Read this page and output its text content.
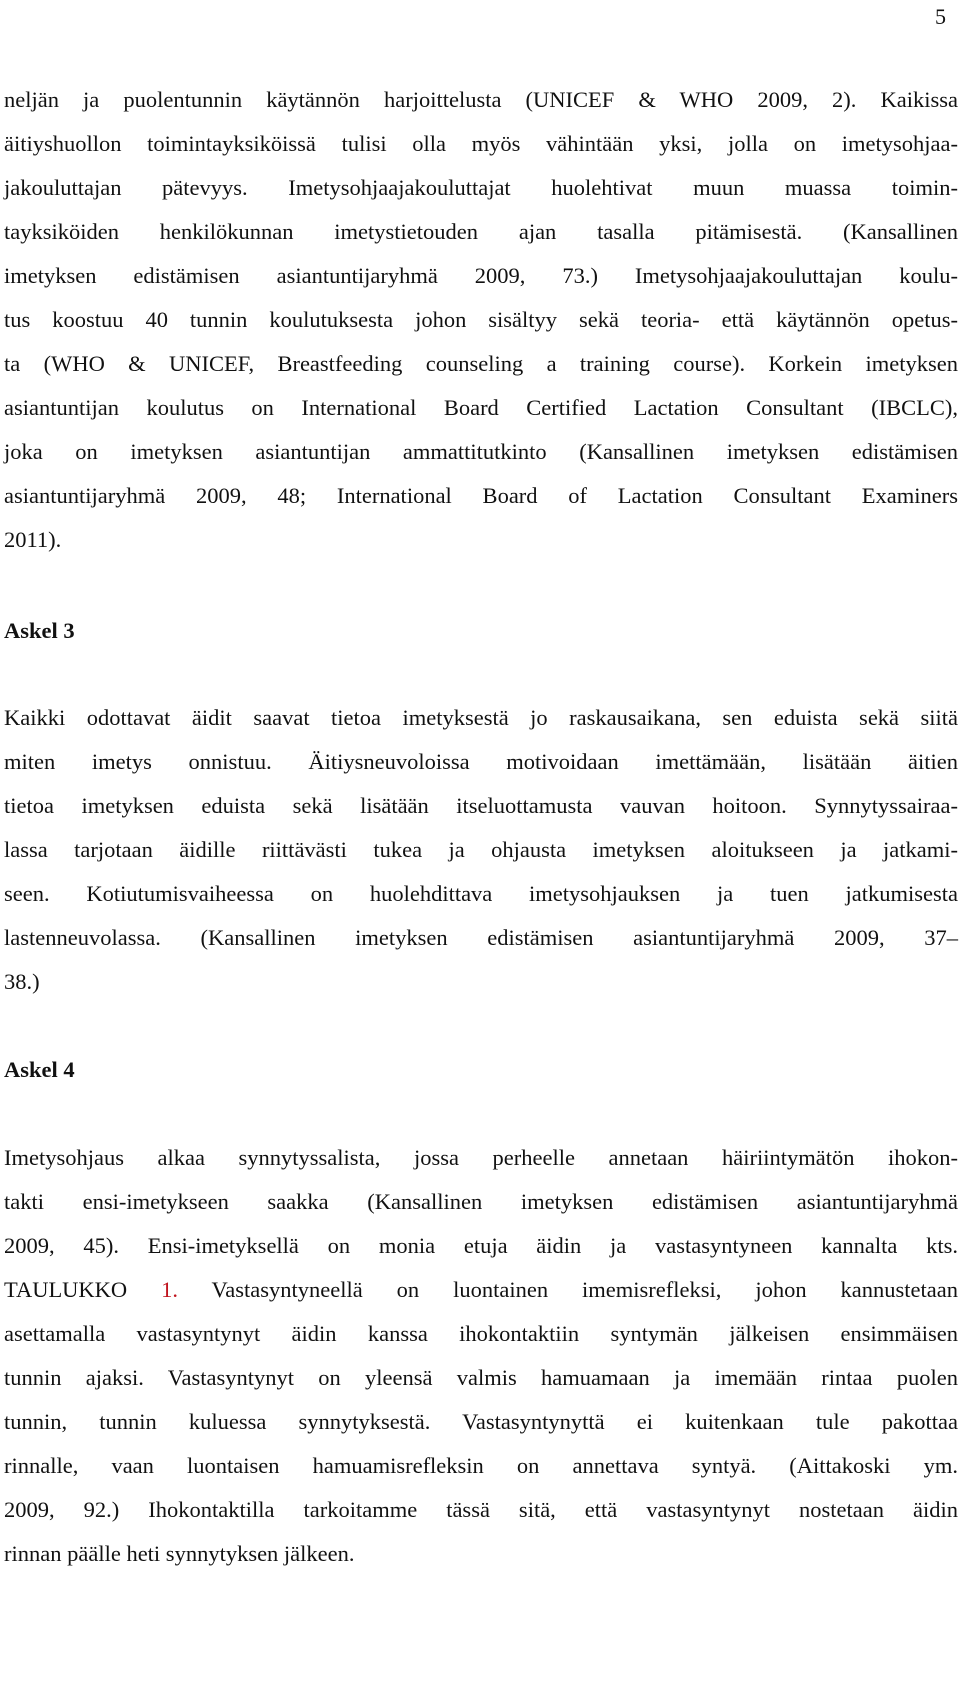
5
neljän ja puolentunnin käytännön harjoittelusta (UNICEF & WHO 2009, 2). Kaikissa
äitiyshuollon toimintayksiköissä tulisi olla myös vähintään yksi, jolla on imetysohjaa-
jakouluttajan pätevyys. Imetysohjaajakouluttajat huolehtivat muun muassa toimin-
tayksiköiden henkilökunnan imetystietouden ajan tasalla pitämisestä. (Kansallinen
imetyksen edistämisen asiantuntijaryhmä 2009, 73.) Imetysohjaajakouluttajan koulu-
tus koostuu 40 tunnin koulutuksesta johon sisältyy sekä teoria- että käytännön opetus-
ta (WHO & UNICEF, Breastfeeding counseling a training course). Korkein imetyksen
asiantuntijan koulutus on International Board Certified Lactation Consultant (IBCLC),
joka on imetyksen asiantuntijan ammattitutkinto (Kansallinen imetyksen edistämisen
asiantuntijaryhmä 2009, 48; International Board of Lactation Consultant Examiners
2011).
Askel 3
Kaikki odottavat äidit saavat tietoa imetyksestä jo raskausaikana, sen eduista sekä siitä
miten imetys onnistuu. Äitiysneuvoloissa motivoidaan imettämään, lisätään äitien
tietoa imetyksen eduista sekä lisätään itseluottamusta vauvan hoitoon. Synnytyssairaa-
lassa tarjotaan äidille riittävästi tukea ja ohjausta imetyksen aloitukseen ja jatkami-
seen. Kotiutumisvaiheessa on huolehdittava imetysohjauksen ja tuen jatkumisesta
lastenneuvolassa. (Kansallinen imetyksen edistämisen asiantuntijaryhmä 2009, 37–
38.)
Askel 4
Imetysohjaus alkaa synnytyssalista, jossa perheelle annetaan häiriintymätön ihokon-
takti ensi-imetykseen saakka (Kansallinen imetyksen edistämisen asiantuntijaryhmä
2009, 45). Ensi-imetyksellä on monia etuja äidin ja vastasyntyneen kannalta kts.
TAULUKKO 1. Vastasyntyneellä on luontainen imemisrefleksi, johon kannustetaan
asettamalla vastasyntynyt äidin kanssa ihokontaktiin syntymän jälkeisen ensimmäisen
tunnin ajaksi. Vastasyntynyt on yleensä valmis hamuamaan ja imemään rintaa puolen
tunnin, tunnin kuluessa synnytyksestä. Vastasyntynyttä ei kuitenkaan tule pakottaa
rinnalle, vaan luontaisen hamuamisrefleksin on annettava syntyä. (Aittakoski ym.
2009, 92.) Ihokontaktilla tarkoitamme tässä sitä, että vastasyntynyt nostetaan äidin
rinnan päälle heti synnytyksen jälkeen.
